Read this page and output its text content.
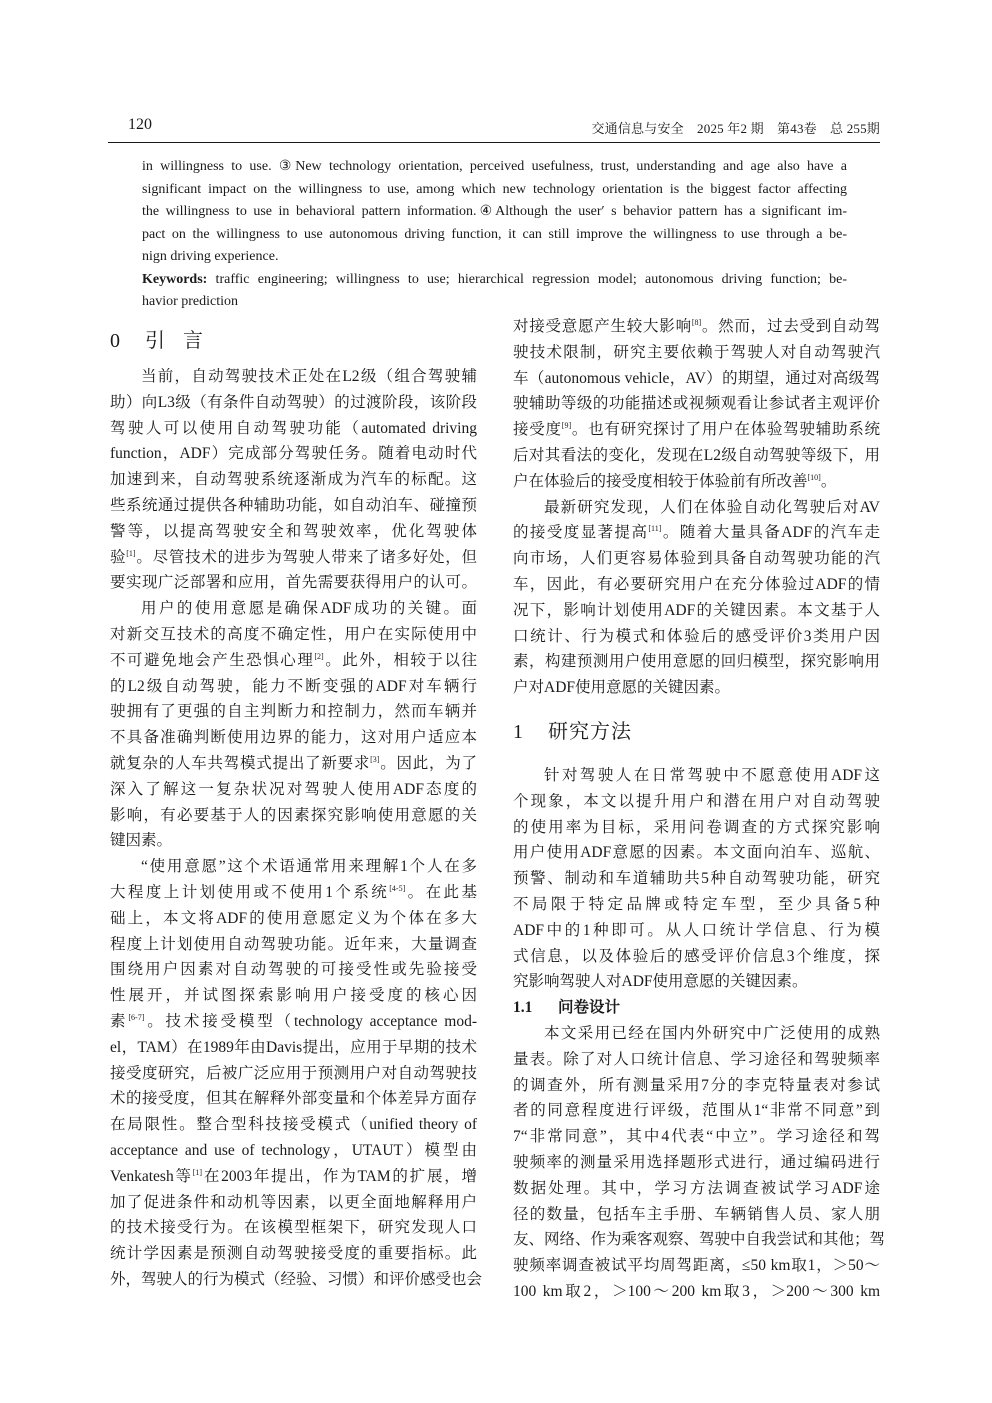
120	交通信息与安全　2025 年2 期　第43卷　总 255期
in willingness to use. ③New technology orientation, perceived usefulness, trust, understanding and age also have a
significant impact on the willingness to use, among which new technology orientation is the biggest factor affecting
the willingness to use in behavioral pattern information.④Although the user′ s behavior pattern has a significant im-
pact on the willingness to use autonomous driving function, it can still improve the willingness to use through a be-
nign driving experience.
Keywords: traffic engineering; willingness to use; hierarchical regression model; autonomous driving function; be-
havior prediction
0 引言
当前，自动驾驶技术正处在L2级（组合驾驶辅
助）向L3级（有条件自动驾驶）的过渡阶段，该阶段
驾驶人可以使用自动驾驶功能（automated driving
function，ADF）完成部分驾驶任务。随着电动时代
加速到来，自动驾驶系统逐渐成为汽车的标配。这
些系统通过提供各种辅助功能，如自动泊车、碰撞预
警等，以提高驾驶安全和驾驶效率，优化驾驶体
验[1]。尽管技术的进步为驾驶人带来了诸多好处，但
要实现广泛部署和应用，首先需要获得用户的认可。
用户的使用意愿是确保ADF成功的关键。面
对新交互技术的高度不确定性，用户在实际使用中
不可避免地会产生恐惧心理[2]。此外，相较于以往
的L2级自动驾驶，能力不断变强的ADF对车辆行
驶拥有了更强的自主判断力和控制力，然而车辆并
不具备准确判断使用边界的能力，这对用户适应本
就复杂的人车共驾模式提出了新要求[3]。因此，为了
深入了解这一复杂状况对驾驶人使用ADF态度的
影响，有必要基于人的因素探究影响使用意愿的关
键因素。
“使用意愿”这个术语通常用来理解1个人在多
大程度上计划使用或不使用1个系统[4-5]。在此基
础上，本文将ADF的使用意愿定义为个体在多大
程度上计划使用自动驾驶功能。近年来，大量调查
围绕用户因素对自动驾驶的可接受性或先验接受
性展开，并试图探索影响用户接受度的核心因
素[6-7]。技术接受模型（technology acceptance mod-
el，TAM）在1989年由Davis提出，应用于早期的技术
接受度研究，后被广泛应用于预测用户对自动驾驶技
术的接受度，但其在解释外部变量和个体差异方面存
在局限性。整合型科技接受模式（unified theory of
acceptance and use of technology，UTAUT）模型由
Venkatesh等[1]在2003年提出，作为TAM的扩展，增
加了促进条件和动机等因素，以更全面地解释用户
的技术接受行为。在该模型框架下，研究发现人口
统计学因素是预测自动驾驶接受度的重要指标。此
外，驾驶人的行为模式（经验、习惯）和评价感受也会
对接受意愿产生较大影响[8]。然而，过去受到自动驾
驶技术限制，研究主要依赖于驾驶人对自动驾驶汽
车（autonomous vehicle，AV）的期望，通过对高级驾
驶辅助等级的功能描述或视频观看让参试者主观评价
接受度[9]。也有研究探讨了用户在体验驾驶辅助系统
后对其看法的变化，发现在L2级自动驾驶等级下，用
户在体验后的接受度相较于体验前有所改善[10]。
最新研究发现，人们在体验自动化驾驶后对AV
的接受度显著提高[11]。随着大量具备ADF的汽车走
向市场，人们更容易体验到具备自动驾驶功能的汽
车，因此，有必要研究用户在充分体验过ADF的情
况下，影响计划使用ADF的关键因素。本文基于人
口统计、行为模式和体验后的感受评价3类用户因
素，构建预测用户使用意愿的回归模型，探究影响用
户对ADF使用意愿的关键因素。
1 研究方法
针对驾驶人在日常驾驶中不愿意使用ADF这
个现象，本文以提升用户和潜在用户对自动驾驶
的使用率为目标，采用问卷调查的方式探究影响
用户使用ADF意愿的因素。本文面向泊车、巡航、
预警、制动和车道辅助共5种自动驾驶功能，研究
不局限于特定品牌或特定车型，至少具备5种
ADF中的1种即可。从人口统计学信息、行为模
式信息，以及体验后的感受评价信息3个维度，探
究影响驾驶人对ADF使用意愿的关键因素。
1.1 问卷设计
本文采用已经在国内外研究中广泛使用的成熟
量表。除了对人口统计信息、学习途径和驾驶频率
的调查外，所有测量采用7分的李克特量表对参试
者的同意程度进行评级，范围从1“非常不同意”到
7“非常同意”，其中4代表“中立”。学习途径和驾
驶频率的测量采用选择题形式进行，通过编码进行
数据处理。其中，学习方法调查被试学习ADF途
径的数量，包括车主手册、车辆销售人员、家人朋
友、网络、作为乘客观察、驾驶中自我尝试和其他；驾
驶频率调查被试平均周驾距离，≤50 km取1，＞50～
100 km取2，＞100～200 km取3，＞200～300 km
